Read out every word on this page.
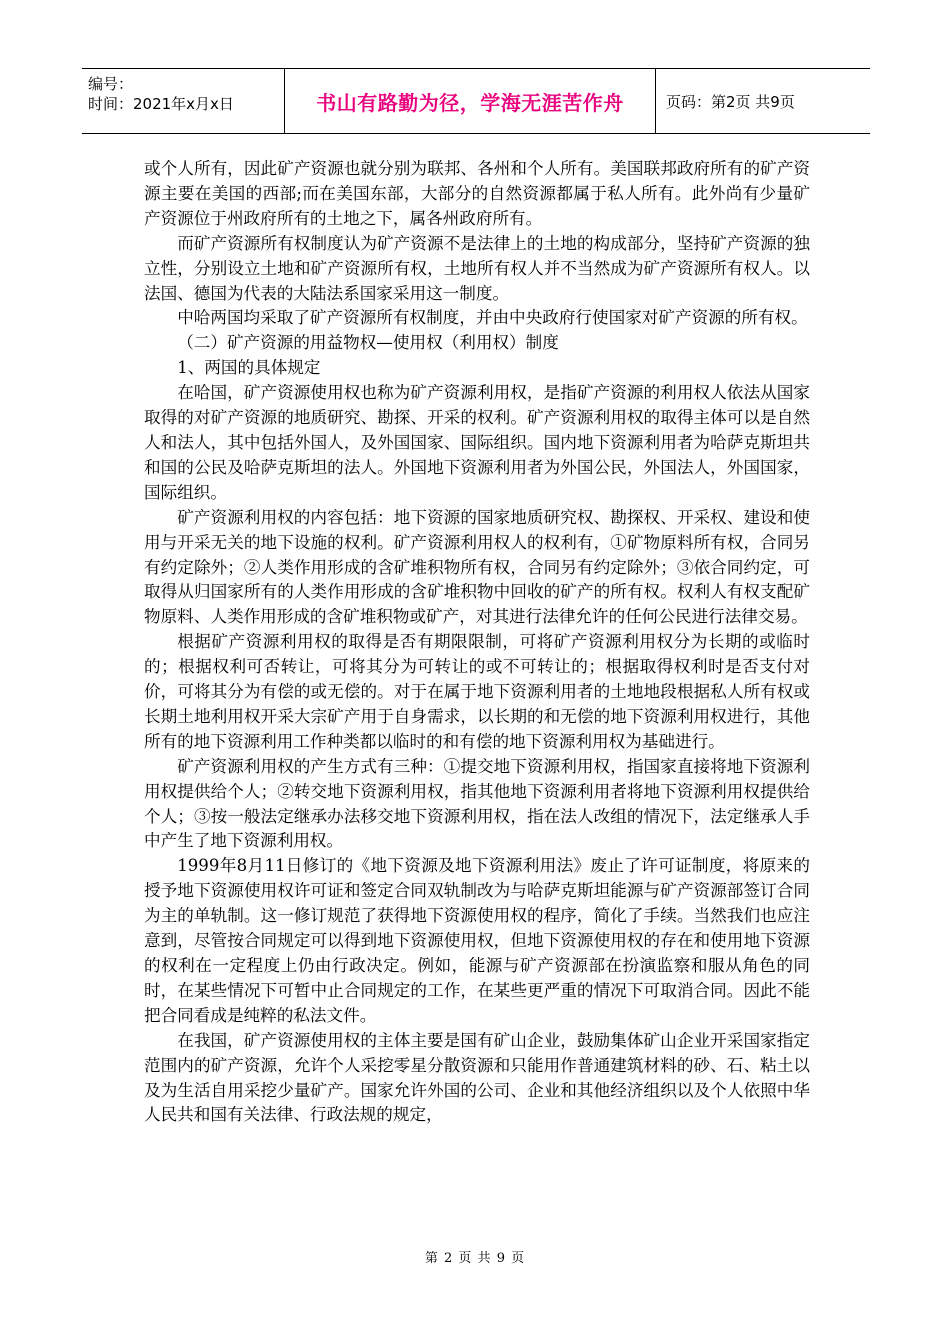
编号：
时间：2021年x月x日	书山有路勤为径，学海无涯苦作舟	页码：第2页 共9页

或个人所有，因此矿产资源也就分别为联邦、各州和个人所有。美国联邦政府所有的矿产资源主要在美国的西部;而在美国东部，大部分的自然资源都属于私人所有。此外尚有少量矿产资源位于州政府所有的土地之下，属各州政府所有。

而矿产资源所有权制度认为矿产资源不是法律上的土地的构成部分，坚持矿产资源的独立性，分别设立土地和矿产资源所有权，土地所有权人并不当然成为矿产资源所有权人。以法国、德国为代表的大陆法系国家采用这一制度。

中哈两国均采取了矿产资源所有权制度，并由中央政府行使国家对矿产资源的所有权。

（二）矿产资源的用益物权—使用权（利用权）制度

1、两国的具体规定

在哈国，矿产资源使用权也称为矿产资源利用权，是指矿产资源的利用权人依法从国家取得的对矿产资源的地质研究、勘探、开采的权利。矿产资源利用权的取得主体可以是自然人和法人，其中包括外国人，及外国国家、国际组织。国内地下资源利用者为哈萨克斯坦共和国的公民及哈萨克斯坦的法人。外国地下资源利用者为外国公民，外国法人，外国国家，国际组织。

矿产资源利用权的内容包括：地下资源的国家地质研究权、勘探权、开采权、建设和使用与开采无关的地下设施的权利。矿产资源利用权人的权利有，①矿物原料所有权，合同另有约定除外；②人类作用形成的含矿堆积物所有权，合同另有约定除外；③依合同约定，可取得从归国家所有的人类作用形成的含矿堆积物中回收的矿产的所有权。权利人有权支配矿物原料、人类作用形成的含矿堆积物或矿产，对其进行法律允许的任何公民进行法律交易。

根据矿产资源利用权的取得是否有期限限制，可将矿产资源利用权分为长期的或临时的；根据权利可否转让，可将其分为可转让的或不可转让的；根据取得权利时是否支付对价，可将其分为有偿的或无偿的。对于在属于地下资源利用者的土地地段根据私人所有权或长期土地利用权开采大宗矿产用于自身需求，以长期的和无偿的地下资源利用权进行，其他所有的地下资源利用工作种类都以临时的和有偿的地下资源利用权为基础进行。

矿产资源利用权的产生方式有三种：①提交地下资源利用权，指国家直接将地下资源利用权提供给个人；②转交地下资源利用权，指其他地下资源利用者将地下资源利用权提供给个人；③按一般法定继承办法移交地下资源利用权，指在法人改组的情况下，法定继承人手中产生了地下资源利用权。

1999年8月11日修订的《地下资源及地下资源利用法》废止了许可证制度，将原来的授予地下资源使用权许可证和签定合同双轨制改为与哈萨克斯坦能源与矿产资源部签订合同为主的单轨制。这一修订规范了获得地下资源使用权的程序，简化了手续。当然我们也应注意到，尽管按合同规定可以得到地下资源使用权，但地下资源使用权的存在和使用地下资源的权利在一定程度上仍由行政决定。例如，能源与矿产资源部在扮演监察和服从角色的同时，在某些情况下可暂中止合同规定的工作，在某些更严重的情况下可取消合同。因此不能把合同看成是纯粹的私法文件。

在我国，矿产资源使用权的主体主要是国有矿山企业，鼓励集体矿山企业开采国家指定范围内的矿产资源，允许个人采挖零星分散资源和只能用作普通建筑材料的砂、石、粘土以及为生活自用采挖少量矿产。国家允许外国的公司、企业和其他经济组织以及个人依照中华人民共和国有关法律、行政法规的规定，

第 2 页 共 9 页
